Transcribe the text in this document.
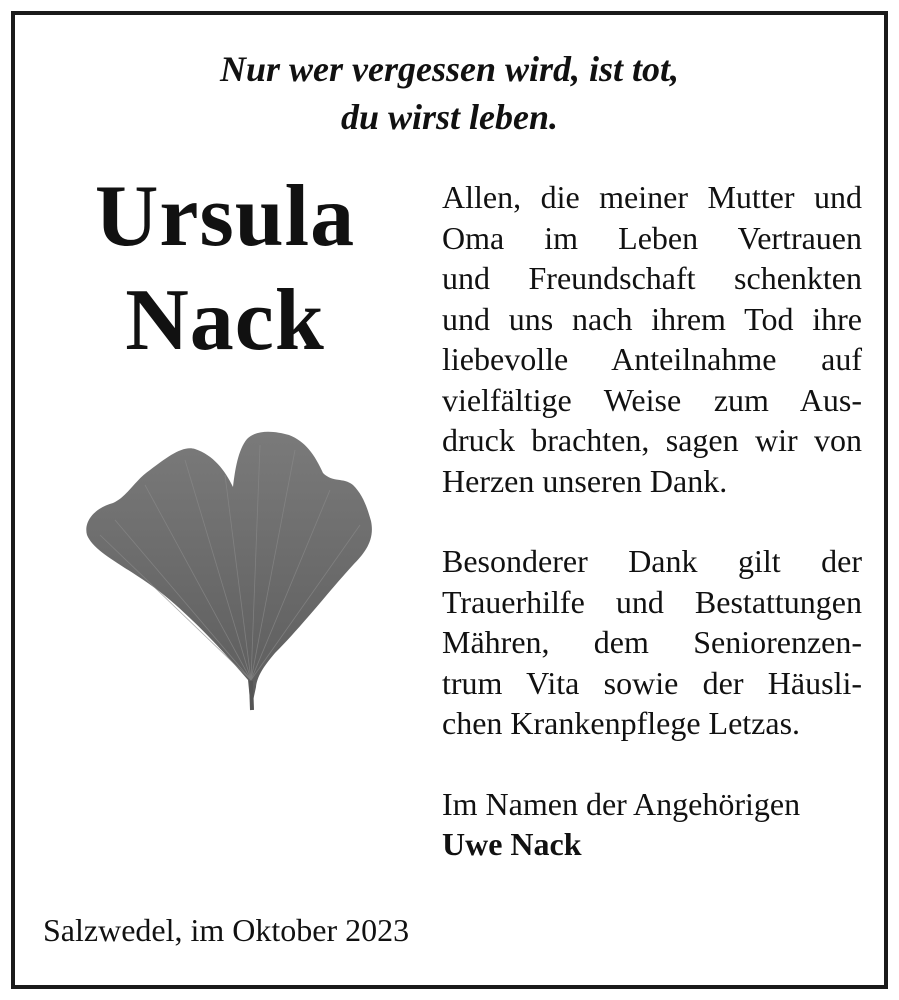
Nur wer vergessen wird, ist tot,
du wirst leben.
Ursula
Nack
Allen, die meiner Mutter und
Oma im Leben Vertrauen
und Freundschaft schenkten
und uns nach ihrem Tod ihre
liebevolle Anteilnahme auf
vielfältige Weise zum Aus-
druck brachten, sagen wir von
Herzen unseren Dank.
Besonderer Dank gilt der
Trauerhilfe und Bestattungen
Mähren, dem Seniorenzen-
trum Vita sowie der Häusli-
chen Krankenpflege Letzas.

Im Namen der Angehörigen

Uwe Nack

Salzwedel, im Oktober 2023
